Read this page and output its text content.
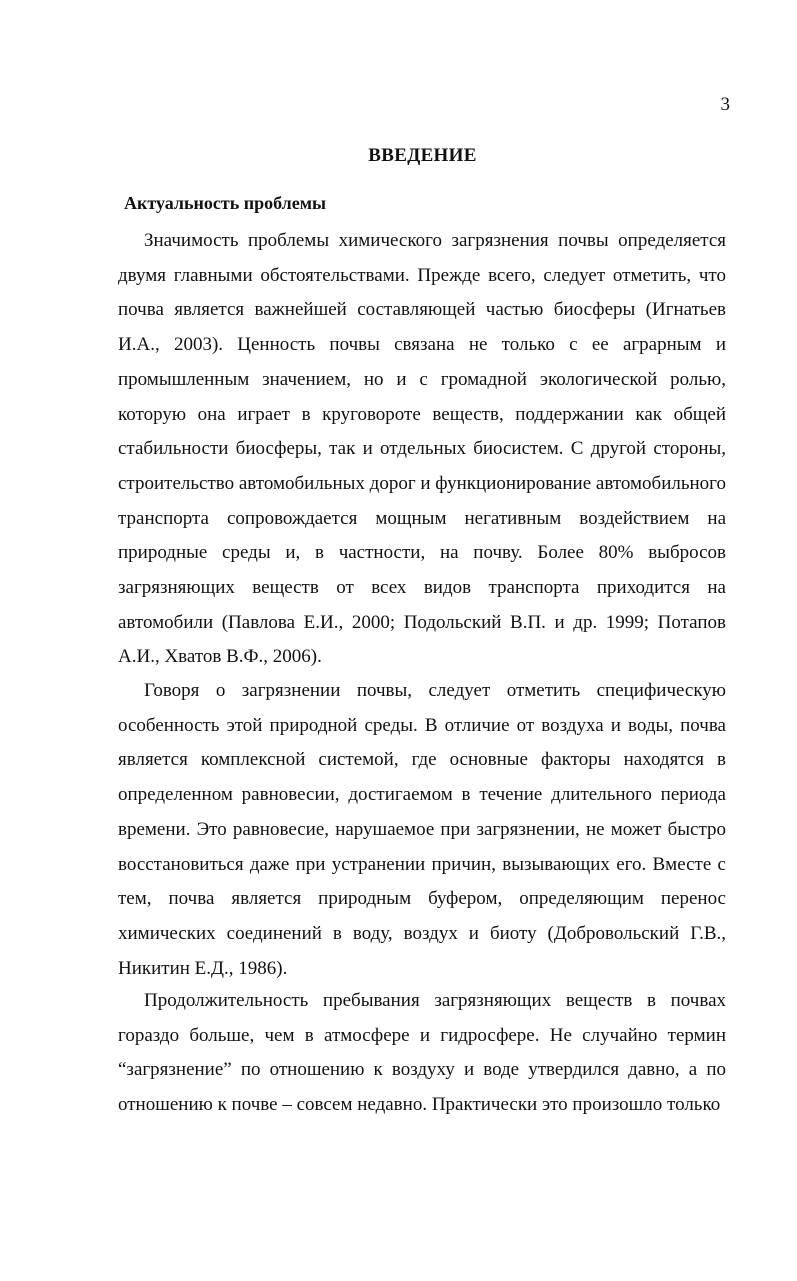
3
ВВЕДЕНИЕ
Актуальность проблемы

Значимость проблемы химического загрязнения почвы определяется двумя главными обстоятельствами. Прежде всего, следует отметить, что почва является важнейшей составляющей частью биосферы (Игнатьев И.А., 2003). Ценность почвы связана не только с ее аграрным и промышленным значением, но и с громадной экологической ролью, которую она играет в круговороте веществ, поддержании как общей стабильности биосферы, так и отдельных биосистем. С другой стороны, строительство автомобильных дорог и функционирование автомобильного транспорта сопровождается мощным негативным воздействием на природные среды и, в частности, на почву. Более 80% выбросов загрязняющих веществ от всех видов транспорта приходится на автомобили (Павлова Е.И., 2000; Подольский В.П. и др. 1999; Потапов А.И., Хватов В.Ф., 2006).

Говоря о загрязнении почвы, следует отметить специфическую особенность этой природной среды. В отличие от воздуха и воды, почва является комплексной системой, где основные факторы находятся в определенном равновесии, достигаемом в течение длительного периода времени. Это равновесие, нарушаемое при загрязнении, не может быстро восстановиться даже при устранении причин, вызывающих его. Вместе с тем, почва является природным буфером, определяющим перенос химических соединений в воду, воздух и биоту (Добровольский Г.В., Никитин Е.Д., 1986).

Продолжительность пребывания загрязняющих веществ в почвах гораздо больше, чем в атмосфере и гидросфере. Не случайно термин “загрязнение” по отношению к воздуху и воде утвердился давно, а по отношению к почве – совсем недавно. Практически это произошло только
